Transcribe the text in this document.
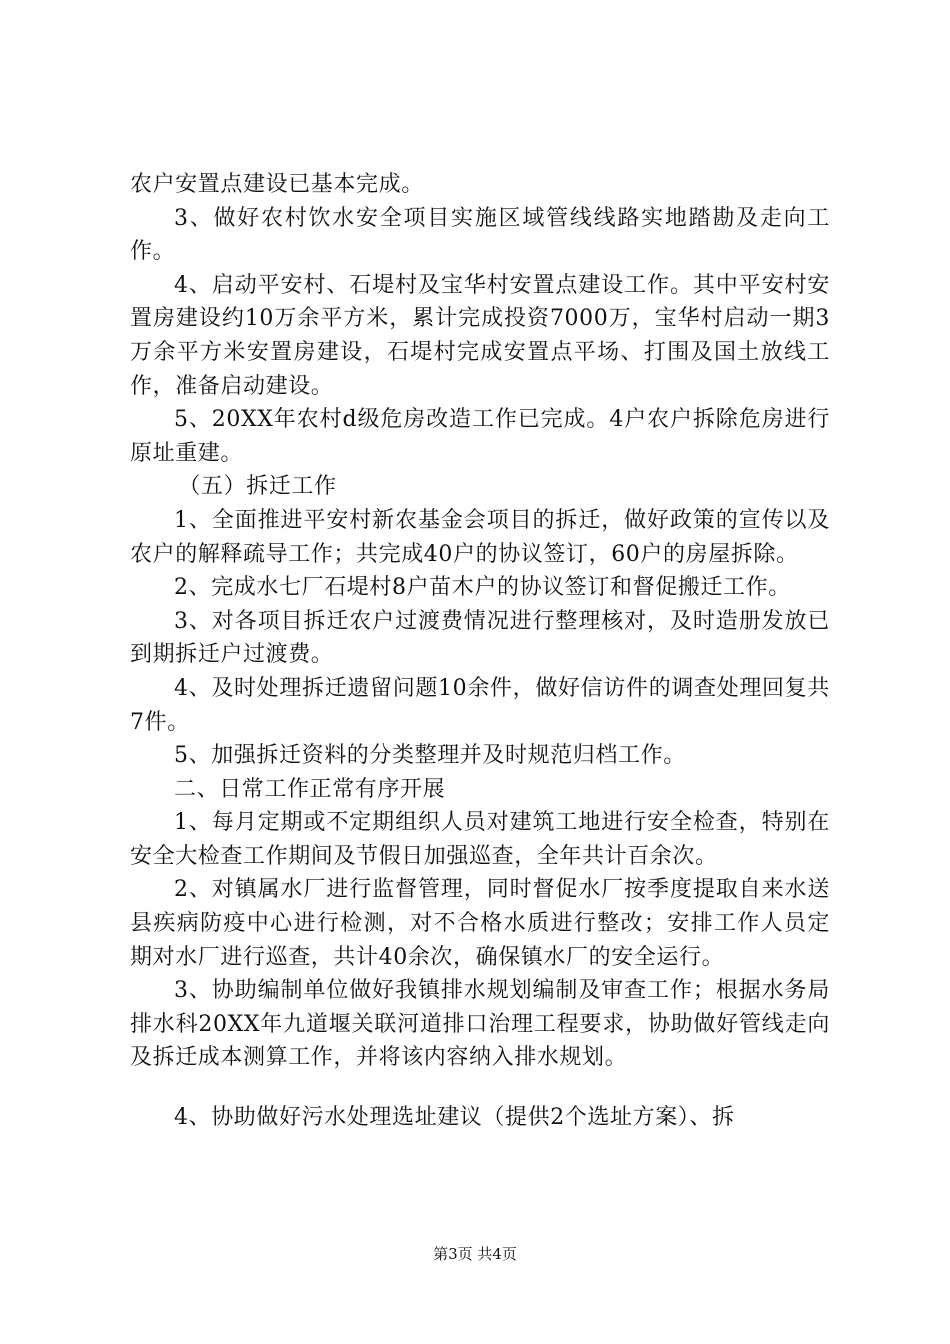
农户安置点建设已基本完成。

3、做好农村饮水安全项目实施区域管线线路实地踏勘及走向工作。

4、启动平安村、石堤村及宝华村安置点建设工作。其中平安村安置房建设约10万余平方米，累计完成投资7000万，宝华村启动一期3万余平方米安置房建设，石堤村完成安置点平场、打围及国土放线工作，准备启动建设。

5、20XX年农村d级危房改造工作已完成。4户农户拆除危房进行原址重建。

（五）拆迁工作

1、全面推进平安村新农基金会项目的拆迁，做好政策的宣传以及农户的解释疏导工作；共完成40户的协议签订，60户的房屋拆除。

2、完成水七厂石堤村8户苗木户的协议签订和督促搬迁工作。

3、对各项目拆迁农户过渡费情况进行整理核对，及时造册发放已到期拆迁户过渡费。

4、及时处理拆迁遗留问题10余件，做好信访件的调查处理回复共7件。

5、加强拆迁资料的分类整理并及时规范归档工作。

二、日常工作正常有序开展

1、每月定期或不定期组织人员对建筑工地进行安全检查，特别在安全大检查工作期间及节假日加强巡查，全年共计百余次。

2、对镇属水厂进行监督管理，同时督促水厂按季度提取自来水送县疾病防疫中心进行检测，对不合格水质进行整改；安排工作人员定期对水厂进行巡查，共计40余次，确保镇水厂的安全运行。

3、协助编制单位做好我镇排水规划编制及审查工作；根据水务局排水科20XX年九道堰关联河道排口治理工程要求，协助做好管线走向及拆迁成本测算工作，并将该内容纳入排水规划。

4、协助做好污水处理选址建议（提供2个选址方案）、拆

第3页 共4页
